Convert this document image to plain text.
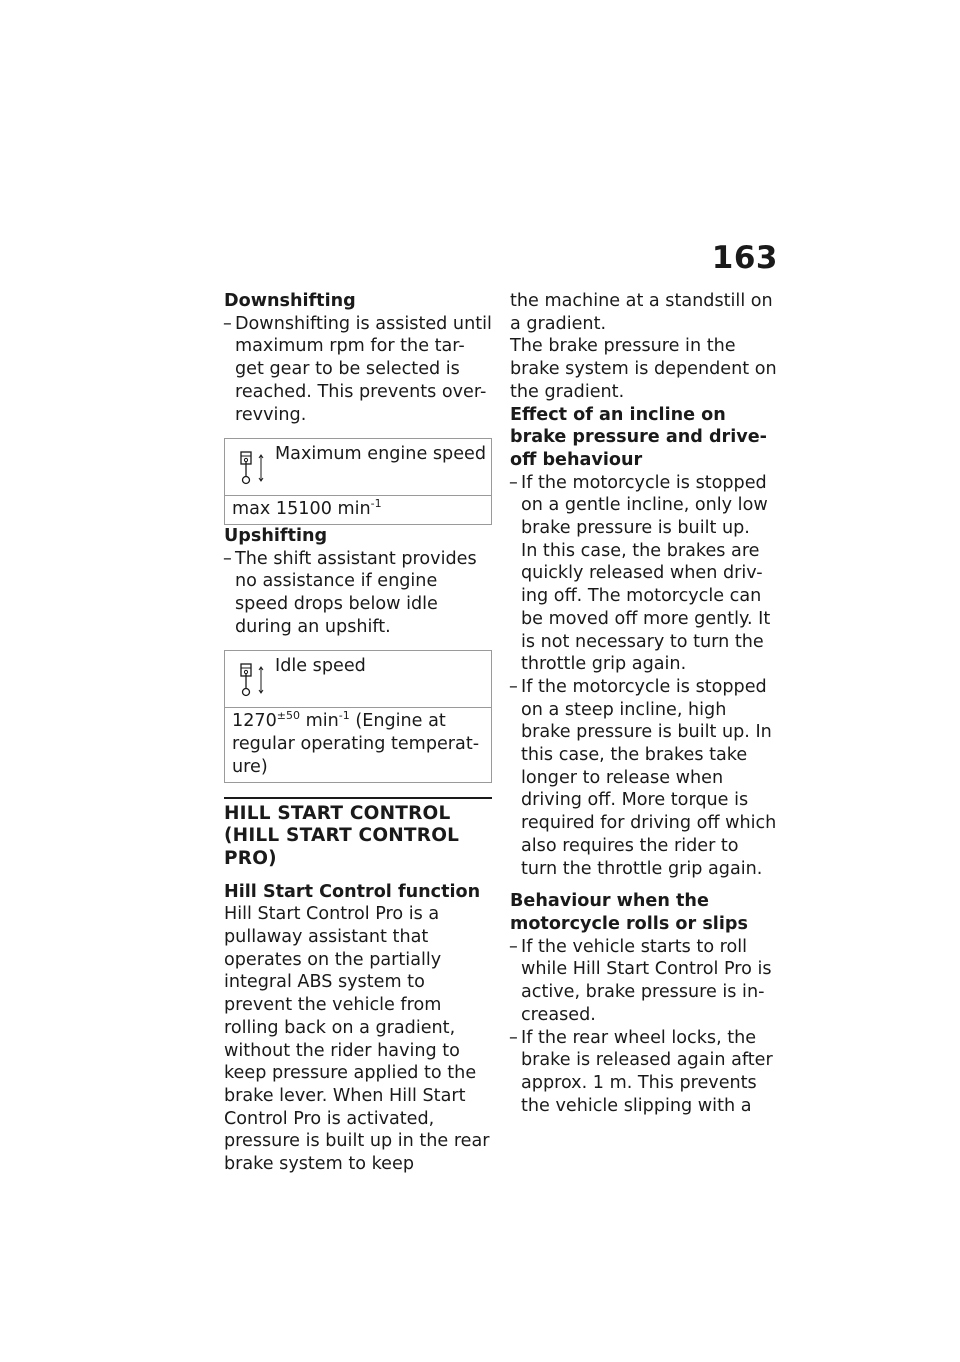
163

Downshifting

– Downshifting is assisted until maximum rpm for the tar-get gear to be selected is reached. This prevents over-revving.
Maximum engine speed
max 15100 $\min^{-1}$

Upshifting

– The shift assistant provides no assistance if engine speed drops below idle during an upshift.
Idle speed
$1270^{\pm 50}$ $\min^{-1}$ (Engine at regular operating temperat-ure)
HILL START CONTROL (HILL START CONTROL PRO)

Hill Start Control function

Hill Start Control Pro is a pullaway assistant that operates on the partially integral ABS system to prevent the vehicle from rolling back on a gradient, without the rider having to keep pressure applied to the brake lever. When Hill Start Control Pro is activated, pressure is built up in the rear brake system to keep

the machine at a standstill on a gradient.

The brake pressure in the brake system is dependent on the gradient.

Effect of an incline on brake pressure and drive-off behaviour

– If the motorcycle is stopped on a gentle incline, only low brake pressure is built up.
In this case, the brakes are quickly released when driv-ing off. The motorcycle can be moved off more gently. It is not necessary to turn the throttle grip again.
– If the motorcycle is stopped on a steep incline, high brake pressure is built up. In this case, the brakes take longer to release when driving off. More torque is required for driving off which also requires the rider to turn the throttle grip again.

Behaviour when the motorcycle rolls or slips

– If the vehicle starts to roll while Hill Start Control Pro is active, brake pressure is in-creased.
– If the rear wheel locks, the brake is released again after approx. 1 m. This prevents the vehicle slipping with a
